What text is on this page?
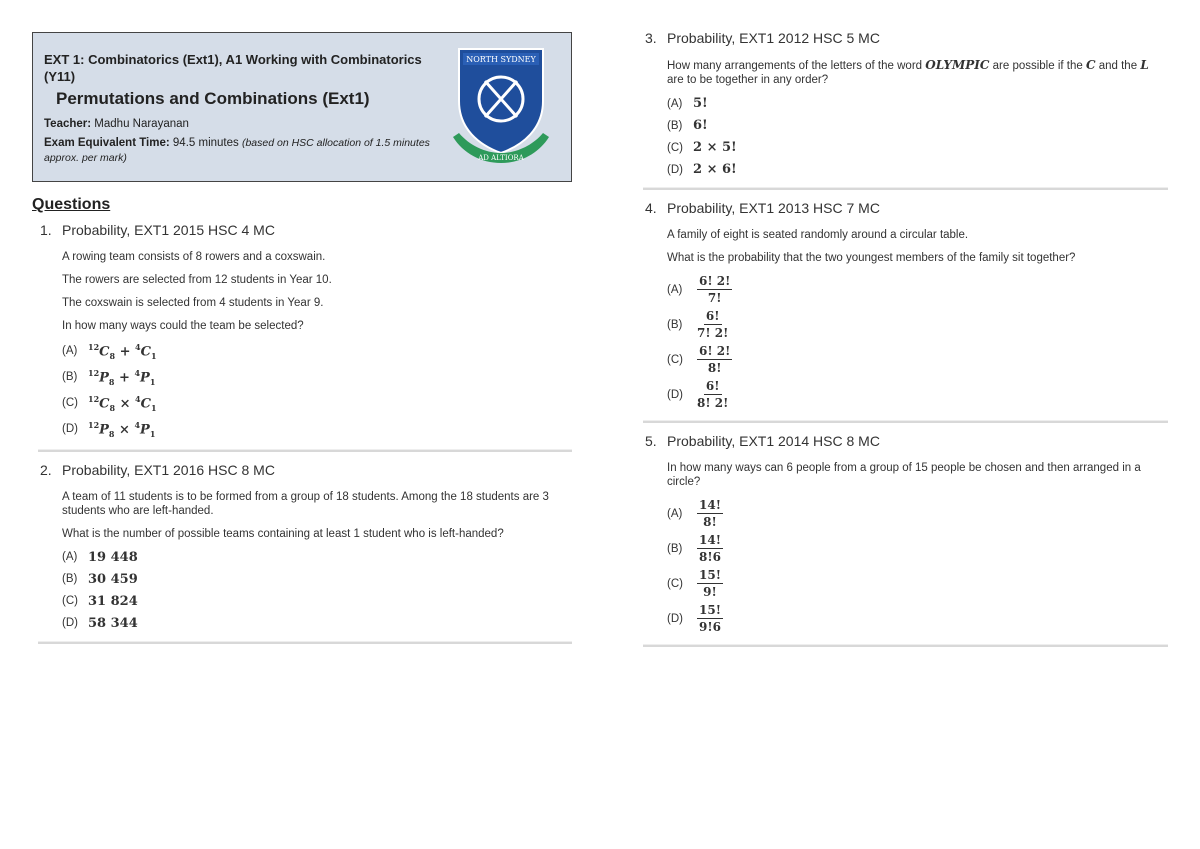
EXT 1: Combinatorics (Ext1), A1 Working with Combinatorics (Y11)
Permutations and Combinations (Ext1)
Teacher: Madhu Narayanan
Exam Equivalent Time: 94.5 minutes (based on HSC allocation of 1.5 minutes approx. per mark)
NORTH SYDNEY
AD ALTIORA
Questions
1. Probability, EXT1 2015 HSC 4 MC

A rowing team consists of 8 rowers and a coxswain.

The rowers are selected from 12 students in Year 10.

The coxswain is selected from 4 students in Year 9.

In how many ways could the team be selected?

(A)	$^{12}C_8 + ^4C_1$
(B)	$^{12}P_8 + ^4P_1$
(C)	$^{12}C_8 \times ^4C_1$
(D)	$^{12}P_8 \times ^4P_1$
2. Probability, EXT1 2016 HSC 8 MC

A team of 11 students is to be formed from a group of 18 students. Among the 18 students are 3 students who are left-handed.

What is the number of possible teams containing at least 1 student who is left-handed?

(A) 19 448
(B) 30 459
(C) 31 824
(D) 58 344
3. Probability, EXT1 2012 HSC 5 MC

How many arrangements of the letters of the word OLYMPIC are possible if the C and the L are to be together in any order?

(A) 5!
(B) 6!
(C) 2 × 5!
(D) 2 × 6!
4. Probability, EXT1 2013 HSC 7 MC

A family of eight is seated randomly around a circular table.

What is the probability that the two youngest members of the family sit together?

(A)	$\frac{6! 2!}{7!}$
(B)	$\frac{6!}{7! 2!}$
(C)	$\frac{6! 2!}{8!}$
(D)	$\frac{6!}{8! 2!}$
5. Probability, EXT1 2014 HSC 8 MC

In how many ways can 6 people from a group of 15 people be chosen and then arranged in a circle?

(A)	$\frac{14!}{8!}$
(B)	$\frac{14!}{8!6}$
(C)	$\frac{15!}{9!}$
(D)	$\frac{15!}{9!6}$
